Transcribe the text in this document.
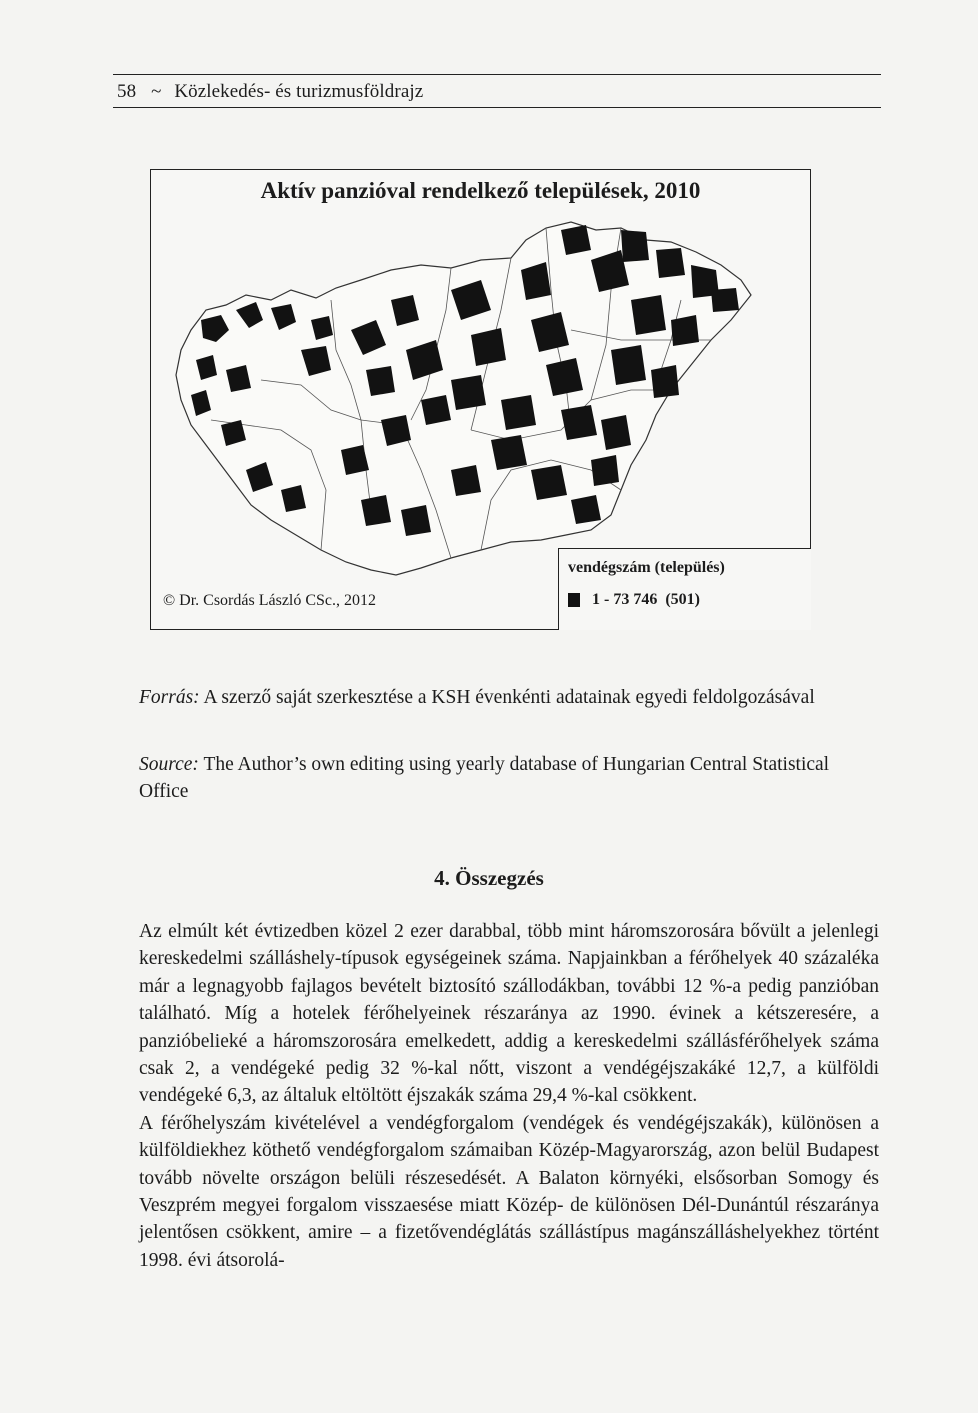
58 ~ Közlekedés- és turizmusföldrajz
Aktív panzióval rendelkező települések, 2010
© Dr. Csordás László CSc., 2012
vendégszám (település)
1 - 73 746  (501)
Forrás: A szerző saját szerkesztése a KSH évenkénti adatainak egyedi feldolgozásával
Source: The Author’s own editing using yearly database of Hungarian Central Statistical Office
4. Összegzés

Az elmúlt két évtizedben közel 2 ezer darabbal, több mint háromszorosára bővült a jelenlegi kereskedelmi szálláshely-típusok egységeinek száma. Napjainkban a férőhelyek 40 százaléka már a legnagyobb fajlagos bevételt biztosító szállodákban, további 12 %-a pedig panzióban található. Míg a hotelek férőhelyeinek részaránya az 1990. évinek a kétszeresére, a panzióbelieké a háromszorosára emelkedett, addig a kereskedelmi szállásférőhelyek száma csak 2, a vendégeké pedig 32 %-kal nőtt, viszont a vendégéjszakáké 12,7, a külföldi vendégeké 6,3, az általuk eltöltött éjszakák száma 29,4 %-kal csökkent.

A férőhelyszám kivételével a vendégforgalom (vendégek és vendégéjszakák), különösen a külföldiekhez köthető vendégforgalom számaiban Közép-Magyarország, azon belül Budapest tovább növelte országon belüli részesedését. A Balaton környéki, elsősorban Somogy és Veszprém megyei forgalom visszaesése miatt Közép- de különösen Dél-Dunántúl részaránya jelentősen csökkent, amire – a fizetővendéglátás szállástípus magánszálláshelyekhez történt 1998. évi átsorolá-
